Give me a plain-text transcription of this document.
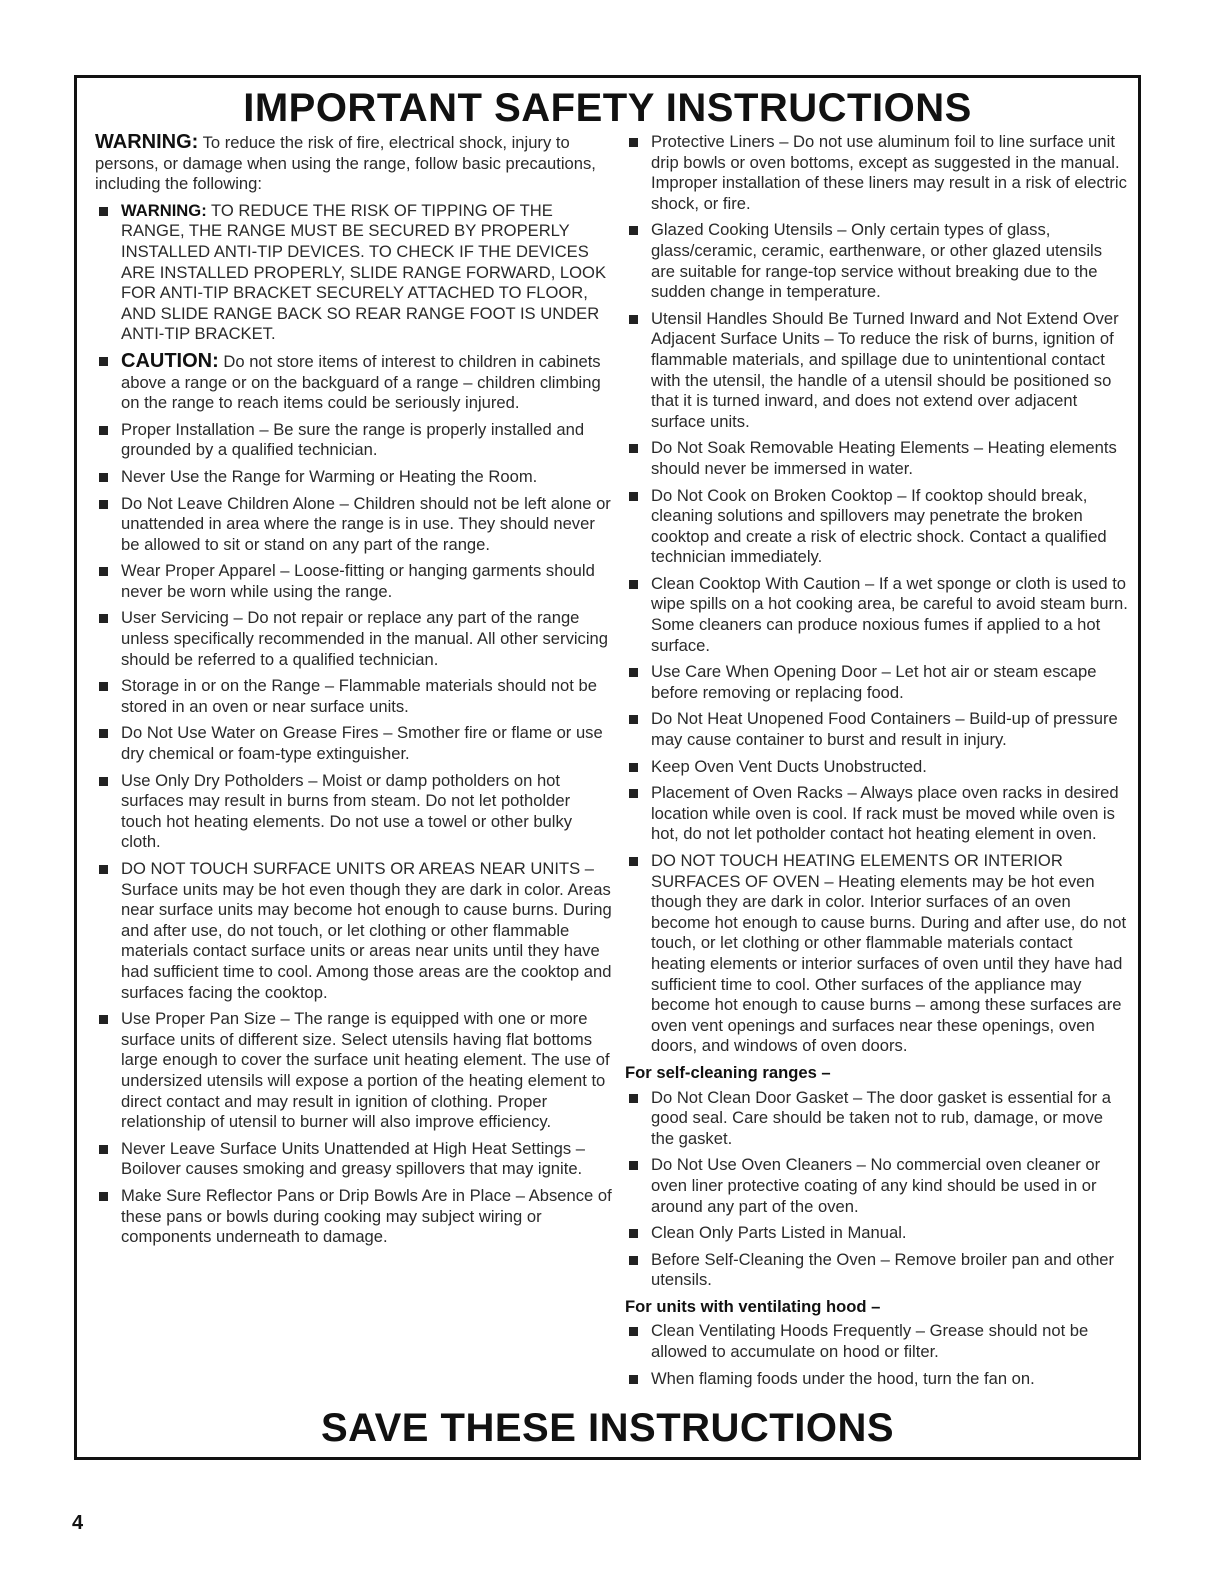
IMPORTANT SAFETY INSTRUCTIONS

WARNING: To reduce the risk of fire, electrical shock, injury to persons, or damage when using the range, follow basic precautions, including the following:

WARNING: TO REDUCE THE RISK OF TIPPING OF THE RANGE, THE RANGE MUST BE SECURED BY PROPERLY INSTALLED ANTI-TIP DEVICES. TO CHECK IF THE DEVICES ARE INSTALLED PROPERLY, SLIDE RANGE FORWARD, LOOK FOR ANTI-TIP BRACKET SECURELY ATTACHED TO FLOOR, AND SLIDE RANGE BACK SO REAR RANGE FOOT IS UNDER ANTI-TIP BRACKET.
CAUTION: Do not store items of interest to children in cabinets above a range or on the backguard of a range – children climbing on the range to reach items could be seriously injured.
Proper Installation – Be sure the range is properly installed and grounded by a qualified technician.
Never Use the Range for Warming or Heating the Room.
Do Not Leave Children Alone – Children should not be left alone or unattended in area where the range is in use. They should never be allowed to sit or stand on any part of the range.
Wear Proper Apparel – Loose-fitting or hanging garments should never be worn while using the range.
User Servicing – Do not repair or replace any part of the range unless specifically recommended in the manual. All other servicing should be referred to a qualified technician.
Storage in or on the Range – Flammable materials should not be stored in an oven or near surface units.
Do Not Use Water on Grease Fires – Smother fire or flame or use dry chemical or foam-type extinguisher.
Use Only Dry Potholders – Moist or damp potholders on hot surfaces may result in burns from steam. Do not let potholder touch hot heating elements. Do not use a towel or other bulky cloth.
DO NOT TOUCH SURFACE UNITS OR AREAS NEAR UNITS – Surface units may be hot even though they are dark in color. Areas near surface units may become hot enough to cause burns. During and after use, do not touch, or let clothing or other flammable materials contact surface units or areas near units until they have had sufficient time to cool. Among those areas are the cooktop and surfaces facing the cooktop.
Use Proper Pan Size – The range is equipped with one or more surface units of different size. Select utensils having flat bottoms large enough to cover the surface unit heating element. The use of undersized utensils will expose a portion of the heating element to direct contact and may result in ignition of clothing. Proper relationship of utensil to burner will also improve efficiency.
Never Leave Surface Units Unattended at High Heat Settings – Boilover causes smoking and greasy spillovers that may ignite.
Make Sure Reflector Pans or Drip Bowls Are in Place – Absence of these pans or bowls during cooking may subject wiring or components underneath to damage.
Protective Liners – Do not use aluminum foil to line surface unit drip bowls or oven bottoms, except as suggested in the manual. Improper installation of these liners may result in a risk of electric shock, or fire.
Glazed Cooking Utensils – Only certain types of glass, glass/ceramic, ceramic, earthenware, or other glazed utensils are suitable for range-top service without breaking due to the sudden change in temperature.
Utensil Handles Should Be Turned Inward and Not Extend Over Adjacent Surface Units – To reduce the risk of burns, ignition of flammable materials, and spillage due to unintentional contact with the utensil, the handle of a utensil should be positioned so that it is turned inward, and does not extend over adjacent surface units.
Do Not Soak Removable Heating Elements – Heating elements should never be immersed in water.
Do Not Cook on Broken Cooktop – If cooktop should break, cleaning solutions and spillovers may penetrate the broken cooktop and create a risk of electric shock. Contact a qualified technician immediately.
Clean Cooktop With Caution – If a wet sponge or cloth is used to wipe spills on a hot cooking area, be careful to avoid steam burn. Some cleaners can produce noxious fumes if applied to a hot surface.
Use Care When Opening Door – Let hot air or steam escape before removing or replacing food.
Do Not Heat Unopened Food Containers – Build-up of pressure may cause container to burst and result in injury.
Keep Oven Vent Ducts Unobstructed.
Placement of Oven Racks – Always place oven racks in desired location while oven is cool. If rack must be moved while oven is hot, do not let potholder contact hot heating element in oven.
DO NOT TOUCH HEATING ELEMENTS OR INTERIOR SURFACES OF OVEN – Heating elements may be hot even though they are dark in color. Interior surfaces of an oven become hot enough to cause burns. During and after use, do not touch, or let clothing or other flammable materials contact heating elements or interior surfaces of oven until they have had sufficient time to cool. Other surfaces of the appliance may become hot enough to cause burns – among these surfaces are oven vent openings and surfaces near these openings, oven doors, and windows of oven doors.
For self-cleaning ranges –
Do Not Clean Door Gasket – The door gasket is essential for a good seal. Care should be taken not to rub, damage, or move the gasket.
Do Not Use Oven Cleaners – No commercial oven cleaner or oven liner protective coating of any kind should be used in or around any part of the oven.
Clean Only Parts Listed in Manual.
Before Self-Cleaning the Oven – Remove broiler pan and other utensils.
For units with ventilating hood –
Clean Ventilating Hoods Frequently – Grease should not be allowed to accumulate on hood or filter.
When flaming foods under the hood, turn the fan on.
SAVE THESE INSTRUCTIONS
4
